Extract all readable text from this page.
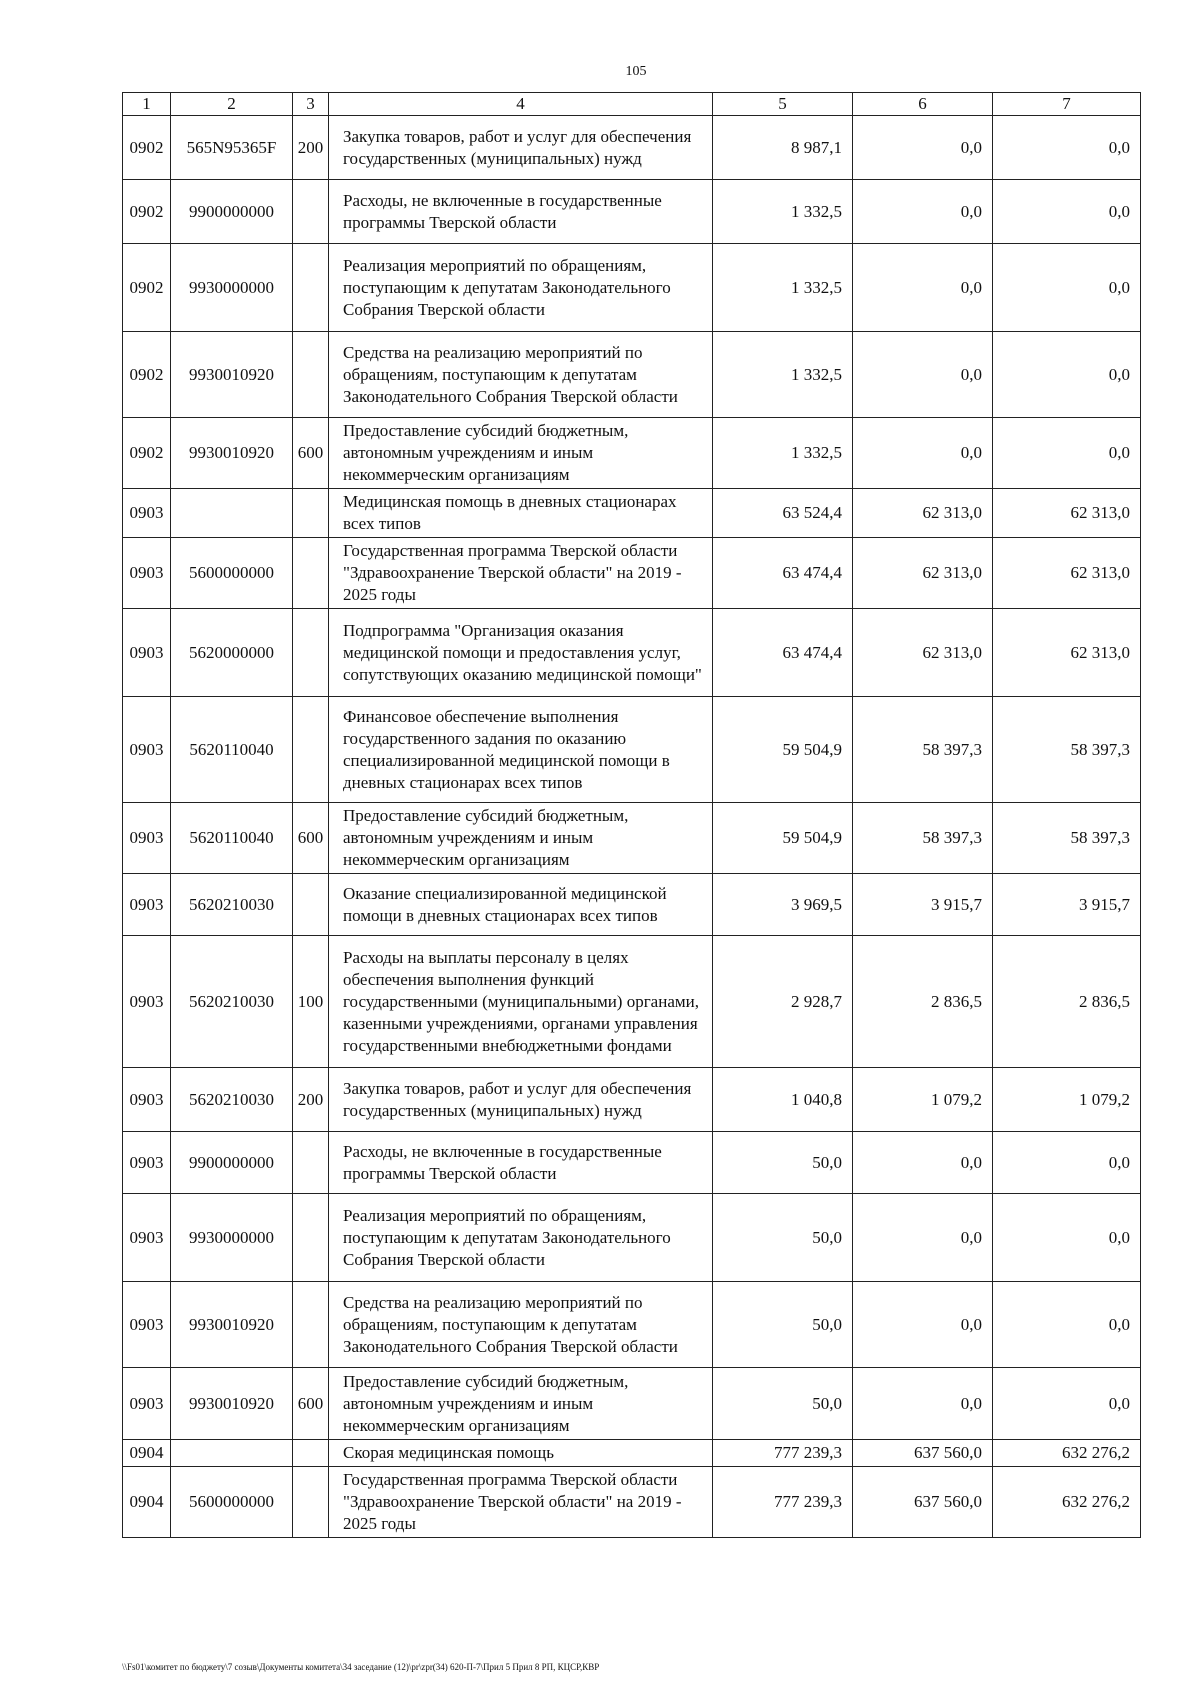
105
1	2	3	4	5	6	7
0902	565N95365F	200	Закупка товаров, работ и услуг для обеспечения государственных (муниципальных) нужд	8 987,1	0,0	0,0
0902	9900000000		Расходы, не включенные в государственные программы Тверской области	1 332,5	0,0	0,0
0902	9930000000		Реализация мероприятий по обращениям, поступающим к депутатам Законодательного Собрания Тверской области	1 332,5	0,0	0,0
0902	9930010920		Средства на реализацию мероприятий по обращениям, поступающим к депутатам Законодательного Собрания Тверской области	1 332,5	0,0	0,0
0902	9930010920	600	Предоставление субсидий бюджетным, автономным учреждениям и иным некоммерческим организациям	1 332,5	0,0	0,0
0903			Медицинская помощь в дневных стационарах всех типов	63 524,4	62 313,0	62 313,0
0903	5600000000		Государственная программа Тверской области "Здравоохранение Тверской области" на 2019 - 2025 годы	63 474,4	62 313,0	62 313,0
0903	5620000000		Подпрограмма "Организация оказания медицинской помощи и предоставления услуг, сопутствующих оказанию медицинской помощи"	63 474,4	62 313,0	62 313,0
0903	5620110040		Финансовое обеспечение выполнения государственного задания по оказанию специализированной медицинской помощи в дневных стационарах всех типов	59 504,9	58 397,3	58 397,3
0903	5620110040	600	Предоставление субсидий бюджетным, автономным учреждениям и иным некоммерческим организациям	59 504,9	58 397,3	58 397,3
0903	5620210030		Оказание специализированной медицинской помощи в дневных стационарах всех типов	3 969,5	3 915,7	3 915,7
0903	5620210030	100	Расходы на выплаты персоналу в целях обеспечения выполнения функций государственными (муниципальными) органами, казенными учреждениями, органами управления государственными внебюджетными фондами	2 928,7	2 836,5	2 836,5
0903	5620210030	200	Закупка товаров, работ и услуг для обеспечения государственных (муниципальных) нужд	1 040,8	1 079,2	1 079,2
0903	9900000000		Расходы, не включенные в государственные программы Тверской области	50,0	0,0	0,0
0903	9930000000		Реализация мероприятий по обращениям, поступающим к депутатам Законодательного Собрания Тверской области	50,0	0,0	0,0
0903	9930010920		Средства на реализацию мероприятий по обращениям, поступающим к депутатам Законодательного Собрания Тверской области	50,0	0,0	0,0
0903	9930010920	600	Предоставление субсидий бюджетным, автономным учреждениям и иным некоммерческим организациям	50,0	0,0	0,0
0904			Скорая медицинская помощь	777 239,3	637 560,0	632 276,2
0904	5600000000		Государственная программа Тверской области "Здравоохранение Тверской области" на 2019 - 2025 годы	777 239,3	637 560,0	632 276,2
\\Fs01\комитет по бюджету\7 созыв\Документы комитета\34 заседание (12)\pr\zpr(34) 620-П-7\Прил 5 Прил 8 РП, КЦСР,КВР
